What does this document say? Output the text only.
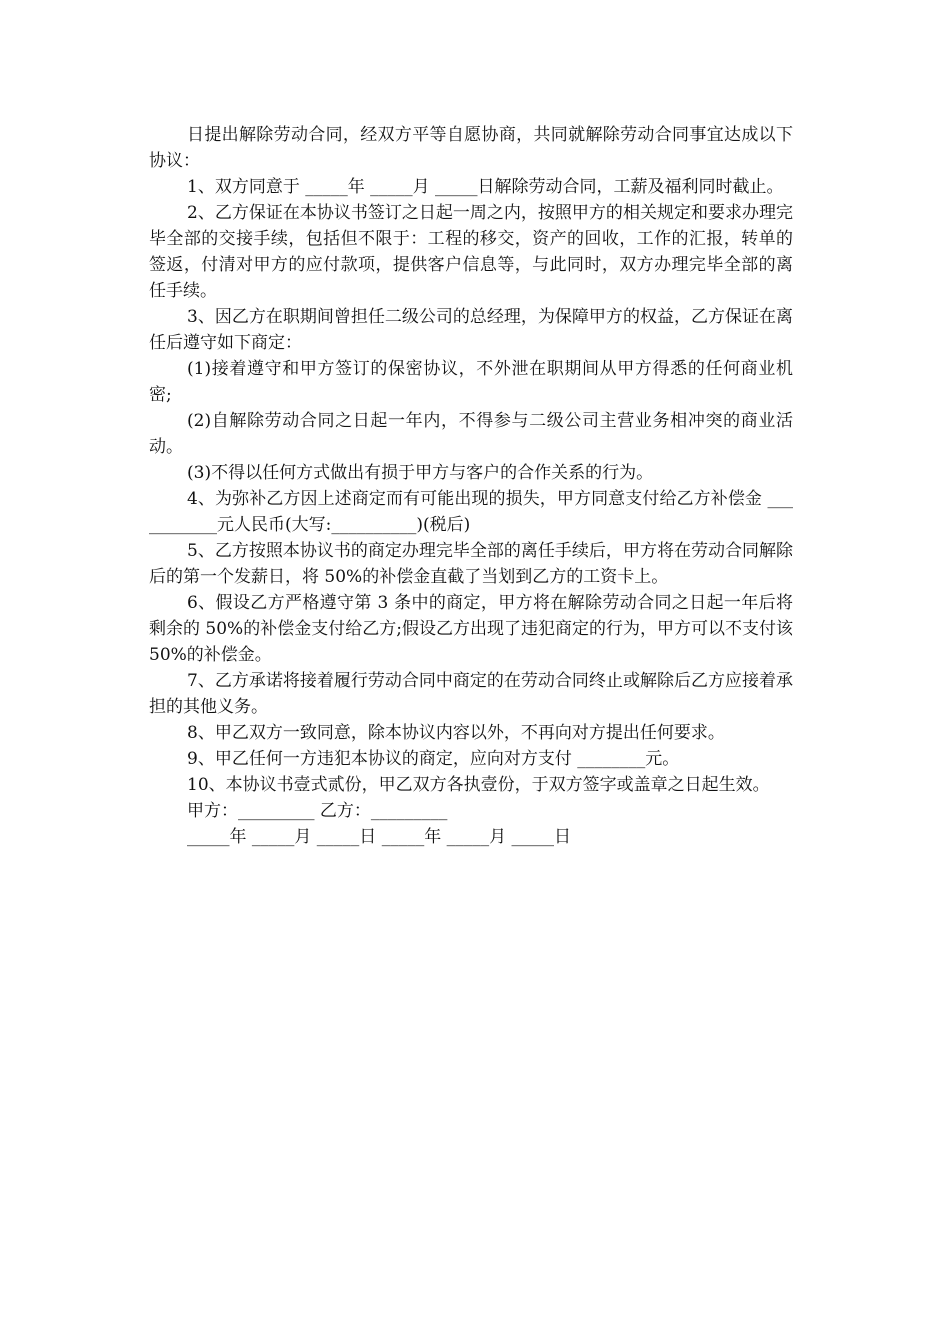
日提出解除劳动合同，经双方平等自愿协商，共同就解除劳动合同事宜达成以下协议：

1、双方同意于 _____年 _____月 _____日解除劳动合同，工薪及福利同时截止。

2、乙方保证在本协议书签订之日起一周之内，按照甲方的相关规定和要求办理完毕全部的交接手续，包括但不限于：工程的移交，资产的回收，工作的汇报，转单的签返，付清对甲方的应付款项，提供客户信息等，与此同时，双方办理完毕全部的离任手续。

3、因乙方在职期间曾担任二级公司的总经理，为保障甲方的权益，乙方保证在离任后遵守如下商定：

(1)接着遵守和甲方签订的保密协议，不外泄在职期间从甲方得悉的任何商业机密;

(2)自解除劳动合同之日起一年内，不得参与二级公司主营业务相冲突的商业活动。

(3)不得以任何方式做出有损于甲方与客户的合作关系的行为。

4、为弥补乙方因上述商定而有可能出现的损失，甲方同意支付给乙方补偿金 ___________元人民币(大写:__________)(税后)

5、乙方按照本协议书的商定办理完毕全部的离任手续后，甲方将在劳动合同解除后的第一个发薪日，将 50%的补偿金直截了当划到乙方的工资卡上。

6、假设乙方严格遵守第 3 条中的商定，甲方将在解除劳动合同之日起一年后将剩余的 50%的补偿金支付给乙方;假设乙方出现了违犯商定的行为，甲方可以不支付该 50%的补偿金。

7、乙方承诺将接着履行劳动合同中商定的在劳动合同终止或解除后乙方应接着承担的其他义务。

8、甲乙双方一致同意，除本协议内容以外，不再向对方提出任何要求。

9、甲乙任何一方违犯本协议的商定，应向对方支付 ________元。

10、本协议书壹式贰份，甲乙双方各执壹份，于双方签字或盖章之日起生效。

甲方：_________ 乙方：_________

_____年 _____月 _____日 _____年 _____月 _____日
